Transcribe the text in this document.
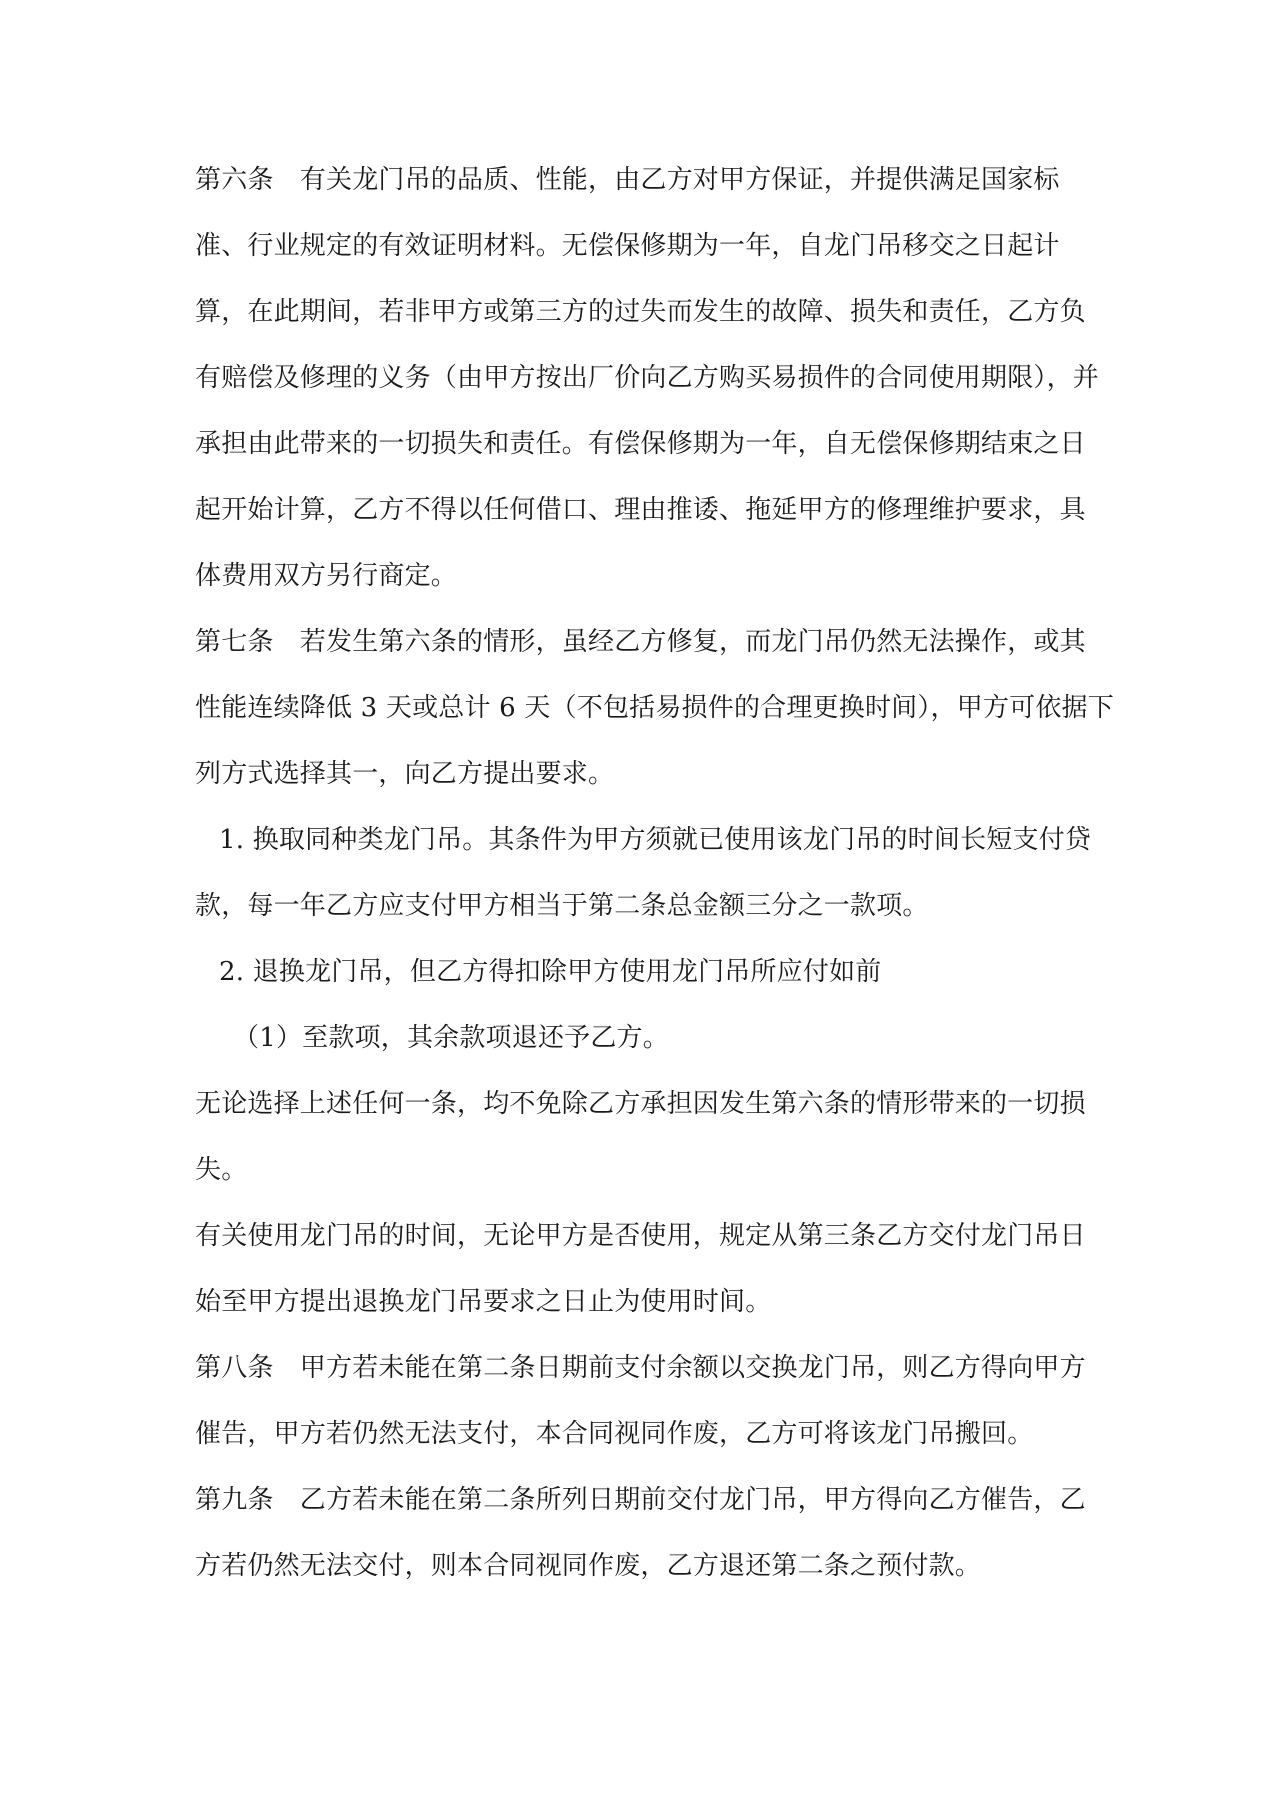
第六条　有关龙门吊的品质、性能，由乙方对甲方保证，并提供满足国家标
准、行业规定的有效证明材料。无偿保修期为一年，自龙门吊移交之日起计
算，在此期间，若非甲方或第三方的过失而发生的故障、损失和责任，乙方负
有赔偿及修理的义务（由甲方按出厂价向乙方购买易损件的合同使用期限），并
承担由此带来的一切损失和责任。有偿保修期为一年，自无偿保修期结束之日
起开始计算，乙方不得以任何借口、理由推诿、拖延甲方的修理维护要求，具
体费用双方另行商定。
第七条　若发生第六条的情形，虽经乙方修复，而龙门吊仍然无法操作，或其
性能连续降低 3 天或总计 6 天（不包括易损件的合理更换时间），甲方可依据下
列方式选择其一，向乙方提出要求。
1. 换取同种类龙门吊。其条件为甲方须就已使用该龙门吊的时间长短支付贷
款，每一年乙方应支付甲方相当于第二条总金额三分之一款项。
2. 退换龙门吊，但乙方得扣除甲方使用龙门吊所应付如前
（1）至款项，其余款项退还予乙方。
无论选择上述任何一条，均不免除乙方承担因发生第六条的情形带来的一切损
失。
有关使用龙门吊的时间，无论甲方是否使用，规定从第三条乙方交付龙门吊日
始至甲方提出退换龙门吊要求之日止为使用时间。
第八条　甲方若未能在第二条日期前支付余额以交换龙门吊，则乙方得向甲方
催告，甲方若仍然无法支付，本合同视同作废，乙方可将该龙门吊搬回。
第九条　乙方若未能在第二条所列日期前交付龙门吊，甲方得向乙方催告，乙
方若仍然无法交付，则本合同视同作废，乙方退还第二条之预付款。
